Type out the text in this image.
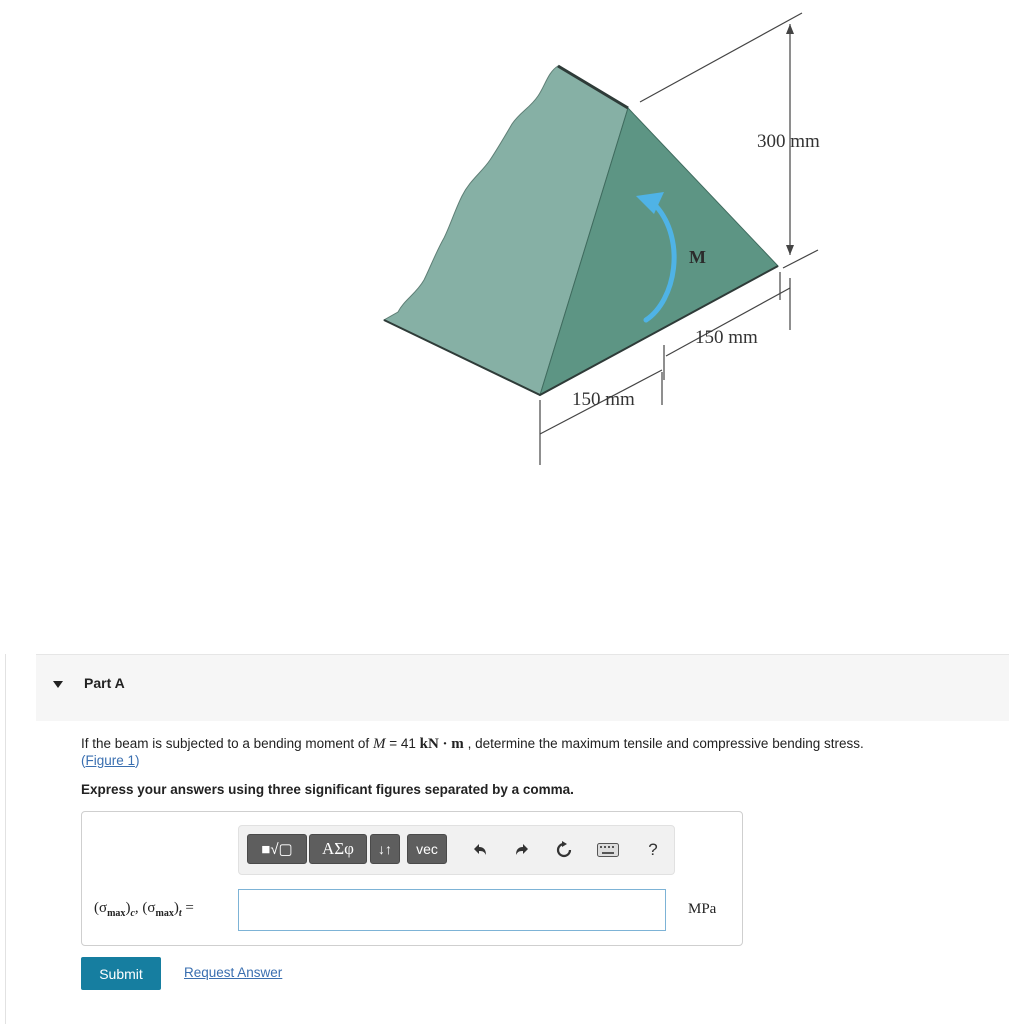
M
300 mm
150 mm
150 mm
Part A
If the beam is subjected to a bending moment of M = 41 kN · m , determine the maximum tensile and compressive bending stress.
(Figure 1)
Express your answers using three significant figures separated by a comma.
■√▢	ΑΣφ	↓↑	vec	?
$(\sigma_{max})_c$, $(\sigma_{max})_t$ =	MPa
Submit	Request Answer
